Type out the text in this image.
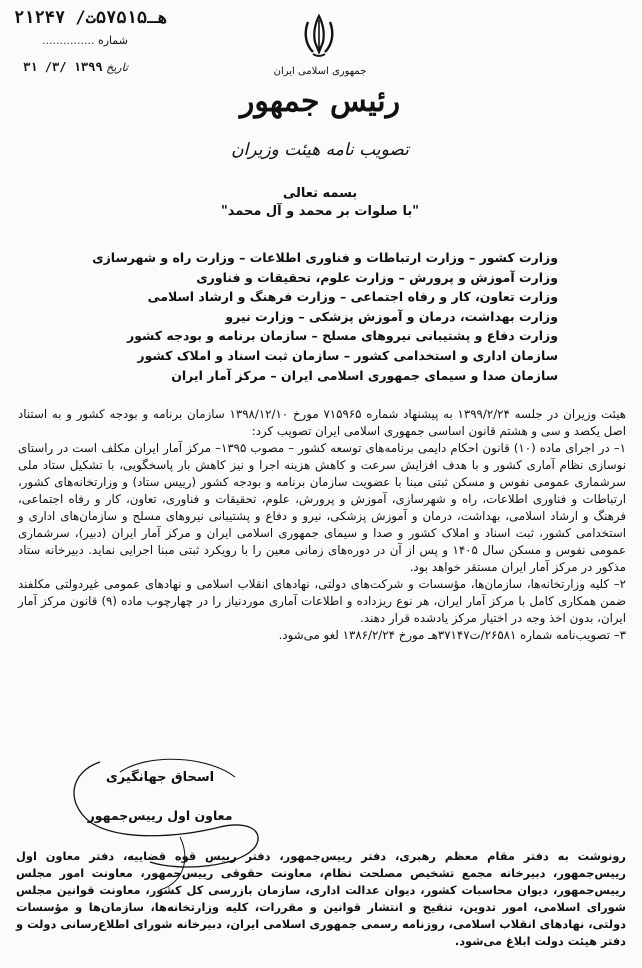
هـ۵۷۵۱۵ت/ ۲۱۲۴۷
شماره ...............
تاریخ ۱۳۹۹ /۳/ ۳۱	جمهوری اسلامی ایران
رئیس جمهور
تصویب نامه هیئت وزیران
بسمه تعالی
"با صلوات بر محمد و آل محمد"
وزارت کشور – وزارت ارتباطات و فناوری اطلاعات – وزارت راه و شهرسازی
وزارت آموزش و پرورش – وزارت علوم، تحقیقات و فناوری
وزارت تعاون، کار و رفاه اجتماعی – وزارت فرهنگ و ارشاد اسلامی
وزارت بهداشت، درمان و آموزش پزشکی – وزارت نیرو
وزارت دفاع و پشتیبانی نیروهای مسلح – سازمان برنامه و بودجه کشور
سازمان اداری و استخدامی کشور – سازمان ثبت اسناد و املاک کشور
سازمان صدا و سیمای جمهوری اسلامی ایران – مرکز آمار ایران

هیئت وزیران در جلسه ۱۳۹۹/۲/۲۴ به پیشنهاد شماره ۷۱۵۹۶۵ مورخ ۱۳۹۸/۱۲/۱۰ سازمان برنامه و بودجه کشور و به استناد اصل یکصد و سی و هشتم قانون اساسی جمهوری اسلامی ایران تصویب کرد:

۱– در اجرای ماده (۱۰) قانون احکام دایمی برنامه‌های توسعه کشور – مصوب ۱۳۹۵– مرکز آمار ایران مکلف است در راستای نوسازی نظام آماری کشور و با هدف افزایش سرعت و کاهش هزینه اجرا و نیز کاهش بار پاسخگویی، با تشکیل ستاد ملی سرشماری عمومی نفوس و مسکن ثبتی مبنا با عضویت سازمان برنامه و بودجه کشور (رییس ستاد) و وزارتخانه‌های کشور، ارتباطات و فناوری اطلاعات، راه و شهرسازی، آموزش و پرورش، علوم، تحقیقات و فناوری، تعاون، کار و رفاه اجتماعی، فرهنگ و ارشاد اسلامی، بهداشت، درمان و آموزش پزشکی، نیرو و دفاع و پشتیبانی نیروهای مسلح و سازمان‌های اداری و استخدامی کشور، ثبت اسناد و املاک کشور و صدا و سیمای جمهوری اسلامی ایران و مرکز آمار ایران (دبیر)، سرشماری عمومی نفوس و مسکن سال ۱۴۰۵ و پس از آن در دوره‌های زمانی معین را با رویکرد ثبتی مبنا اجرایی نماید. دبیرخانه ستاد مذکور در مرکز آمار ایران مستقر خواهد بود.

۲– کلیه وزارتخانه‌ها، سازمان‌ها، مؤسسات و شرکت‌های دولتی، نهادهای انقلاب اسلامی و نهادهای عمومی غیردولتی مکلفند ضمن همکاری کامل با مرکز آمار ایران، هر نوع ریزداده و اطلاعات آماری موردنیاز را در چهارچوب ماده (۹) قانون مرکز آمار ایران، بدون اخذ وجه در اختیار مرکز یادشده قرار دهند.

۳– تصویب‌نامه شماره ۲۶۵۸۱/ت۳۷۱۴۷هـ مورخ ۱۳۸۶/۲/۲۴ لغو می‌شود.

اسحاق جهانگیری
معاون اول رییس‌جمهور
رونوشت به دفتر مقام معظم رهبری، دفتر رییس‌جمهور، دفتر رییس قوه قضاییه، دفتر معاون اول رییس‌جمهور، دبیرخانه مجمع تشخیص مصلحت نظام، معاونت حقوقی رییس‌جمهور، معاونت امور مجلس رییس‌جمهور، دیوان محاسبات کشور، دیوان عدالت اداری، سازمان بازرسی کل کشور، معاونت قوانین مجلس شورای اسلامی، امور تدوین، تنقیح و انتشار قوانین و مقررات، کلیه وزارتخانه‌ها، سازمان‌ها و مؤسسات دولتی، نهادهای انقلاب اسلامی، روزنامه رسمی جمهوری اسلامی ایران، دبیرخانه شورای اطلاع‌رسانی دولت و دفتر هیئت دولت ابلاغ می‌شود.
